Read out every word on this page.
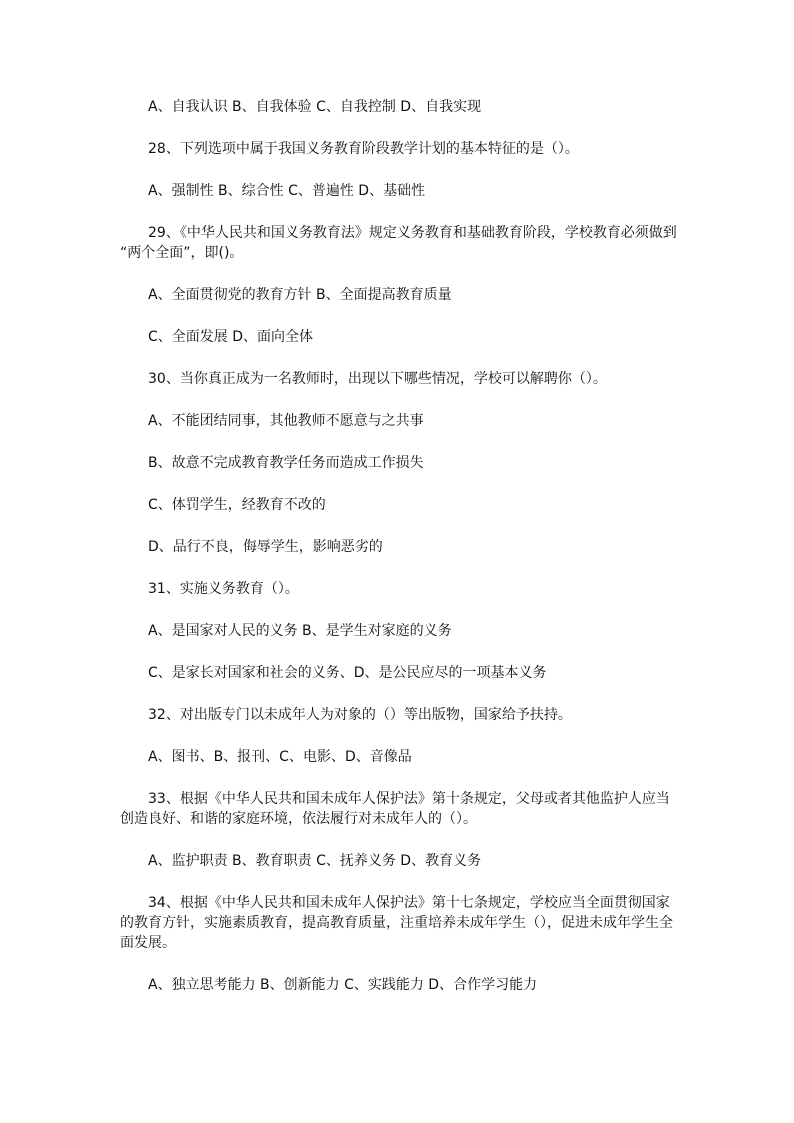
A、自我认识 B、自我体验 C、自我控制 D、自我实现

28、下列选项中属于我国义务教育阶段教学计划的基本特征的是（）。

A、强制性 B、综合性 C、普遍性 D、基础性

29、《中华人民共和国义务教育法》规定义务教育和基础教育阶段，学校教育必须做到
“两个全面”，即()。

A、全面贯彻党的教育方针 B、全面提高教育质量

C、全面发展 D、面向全体

30、当你真正成为一名教师时，出现以下哪些情况，学校可以解聘你（）。

A、不能团结同事，其他教师不愿意与之共事

B、故意不完成教育教学任务而造成工作损失

C、体罚学生，经教育不改的

D、品行不良，侮辱学生，影响恶劣的

31、实施义务教育（）。

A、是国家对人民的义务 B、是学生对家庭的义务

C、是家长对国家和社会的义务、D、是公民应尽的一项基本义务

32、对出版专门以未成年人为对象的（）等出版物，国家给予扶持。

A、图书、B、报刊、C、电影、D、音像品

33、根据《中华人民共和国未成年人保护法》第十条规定，父母或者其他监护人应当
创造良好、和谐的家庭环境，依法履行对未成年人的（）。

A、监护职责 B、教育职责 C、抚养义务 D、教育义务

34、根据《中华人民共和国未成年人保护法》第十七条规定，学校应当全面贯彻国家
的教育方针，实施素质教育，提高教育质量，注重培养未成年学生（），促进未成年学生全
面发展。

A、独立思考能力 B、创新能力 C、实践能力 D、合作学习能力
